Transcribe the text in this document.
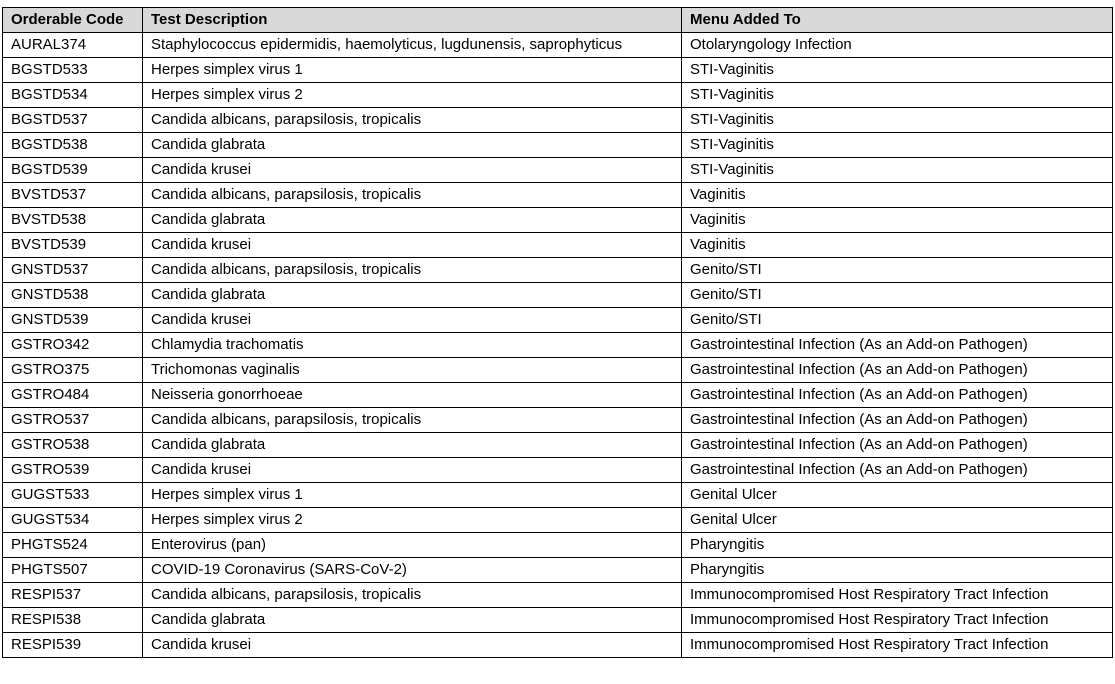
Orderable Code	Test Description	Menu Added To
AURAL374	Staphylococcus epidermidis, haemolyticus, lugdunensis, saprophyticus	Otolaryngology Infection
BGSTD533	Herpes simplex virus 1	STI-Vaginitis
BGSTD534	Herpes simplex virus 2	STI-Vaginitis
BGSTD537	Candida albicans, parapsilosis, tropicalis	STI-Vaginitis
BGSTD538	Candida glabrata	STI-Vaginitis
BGSTD539	Candida krusei	STI-Vaginitis
BVSTD537	Candida albicans, parapsilosis, tropicalis	Vaginitis
BVSTD538	Candida glabrata	Vaginitis
BVSTD539	Candida krusei	Vaginitis
GNSTD537	Candida albicans, parapsilosis, tropicalis	Genito/STI
GNSTD538	Candida glabrata	Genito/STI
GNSTD539	Candida krusei	Genito/STI
GSTRO342	Chlamydia trachomatis	Gastrointestinal Infection (As an Add-on Pathogen)
GSTRO375	Trichomonas vaginalis	Gastrointestinal Infection (As an Add-on Pathogen)
GSTRO484	Neisseria gonorrhoeae	Gastrointestinal Infection (As an Add-on Pathogen)
GSTRO537	Candida albicans, parapsilosis, tropicalis	Gastrointestinal Infection (As an Add-on Pathogen)
GSTRO538	Candida glabrata	Gastrointestinal Infection (As an Add-on Pathogen)
GSTRO539	Candida krusei	Gastrointestinal Infection (As an Add-on Pathogen)
GUGST533	Herpes simplex virus 1	Genital Ulcer
GUGST534	Herpes simplex virus 2	Genital Ulcer
PHGTS524	Enterovirus (pan)	Pharyngitis
PHGTS507	COVID-19 Coronavirus (SARS-CoV-2)	Pharyngitis
RESPI537	Candida albicans, parapsilosis, tropicalis	Immunocompromised Host Respiratory Tract Infection
RESPI538	Candida glabrata	Immunocompromised Host Respiratory Tract Infection
RESPI539	Candida krusei	Immunocompromised Host Respiratory Tract Infection
